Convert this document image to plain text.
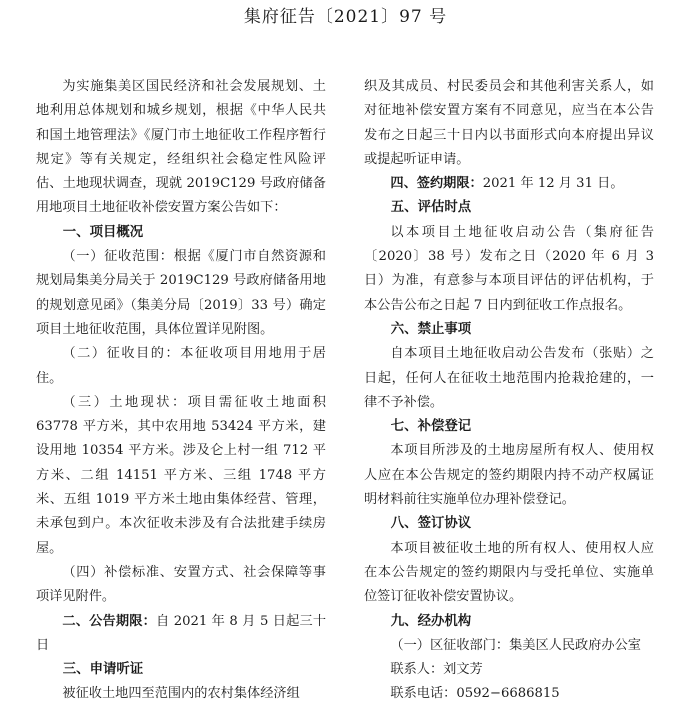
集府征告〔2021〕97 号

为实施集美区国民经济和社会发展规划、土地利用总体规划和城乡规划，根据《中华人民共和国土地管理法》《厦门市土地征收工作程序暂行规定》等有关规定，经组织社会稳定性风险评估、土地现状调查，现就 2019C129 号政府储备用地项目土地征收补偿安置方案公告如下：

一、项目概况

（一）征收范围：根据《厦门市自然资源和规划局集美分局关于 2019C129 号政府储备用地的规划意见函》（集美分局〔2019〕33 号）确定项目土地征收范围，具体位置详见附图。

（二）征收目的：本征收项目用地用于居住。

（三）土地现状：项目需征收土地面积 63778 平方米，其中农用地 53424 平方米，建设用地 10354 平方米。涉及仑上村一组 712 平方米、二组 14151 平方米、三组 1748 平方米、五组 1019 平方米土地由集体经营、管理，未承包到户。本次征收未涉及有合法批建手续房屋。

（四）补偿标准、安置方式、社会保障等事项详见附件。

二、公告期限：自 2021 年 8 月 5 日起三十日

三、申请听证

被征收土地四至范围内的农村集体经济组

织及其成员、村民委员会和其他利害关系人，如对征地补偿安置方案有不同意见，应当在本公告发布之日起三十日内以书面形式向本府提出异议或提起听证申请。

四、签约期限：2021 年 12 月 31 日。

五、评估时点

以本项目土地征收启动公告（集府征告〔2020〕38 号）发布之日（2020 年 6 月 3 日）为准，有意参与本项目评估的评估机构，于本公告公布之日起 7 日内到征收工作点报名。

六、禁止事项

自本项目土地征收启动公告发布（张贴）之日起，任何人在征收土地范围内抢栽抢建的，一律不予补偿。

七、补偿登记

本项目所涉及的土地房屋所有权人、使用权人应在本公告规定的签约期限内持不动产权属证明材料前往实施单位办理补偿登记。

八、签订协议

本项目被征收土地的所有权人、使用权人应在本公告规定的签约期限内与受托单位、实施单位签订征收补偿安置协议。

九、经办机构

（一）区征收部门：集美区人民政府办公室

联系人：刘文芳

联系电话：0592−6686815
